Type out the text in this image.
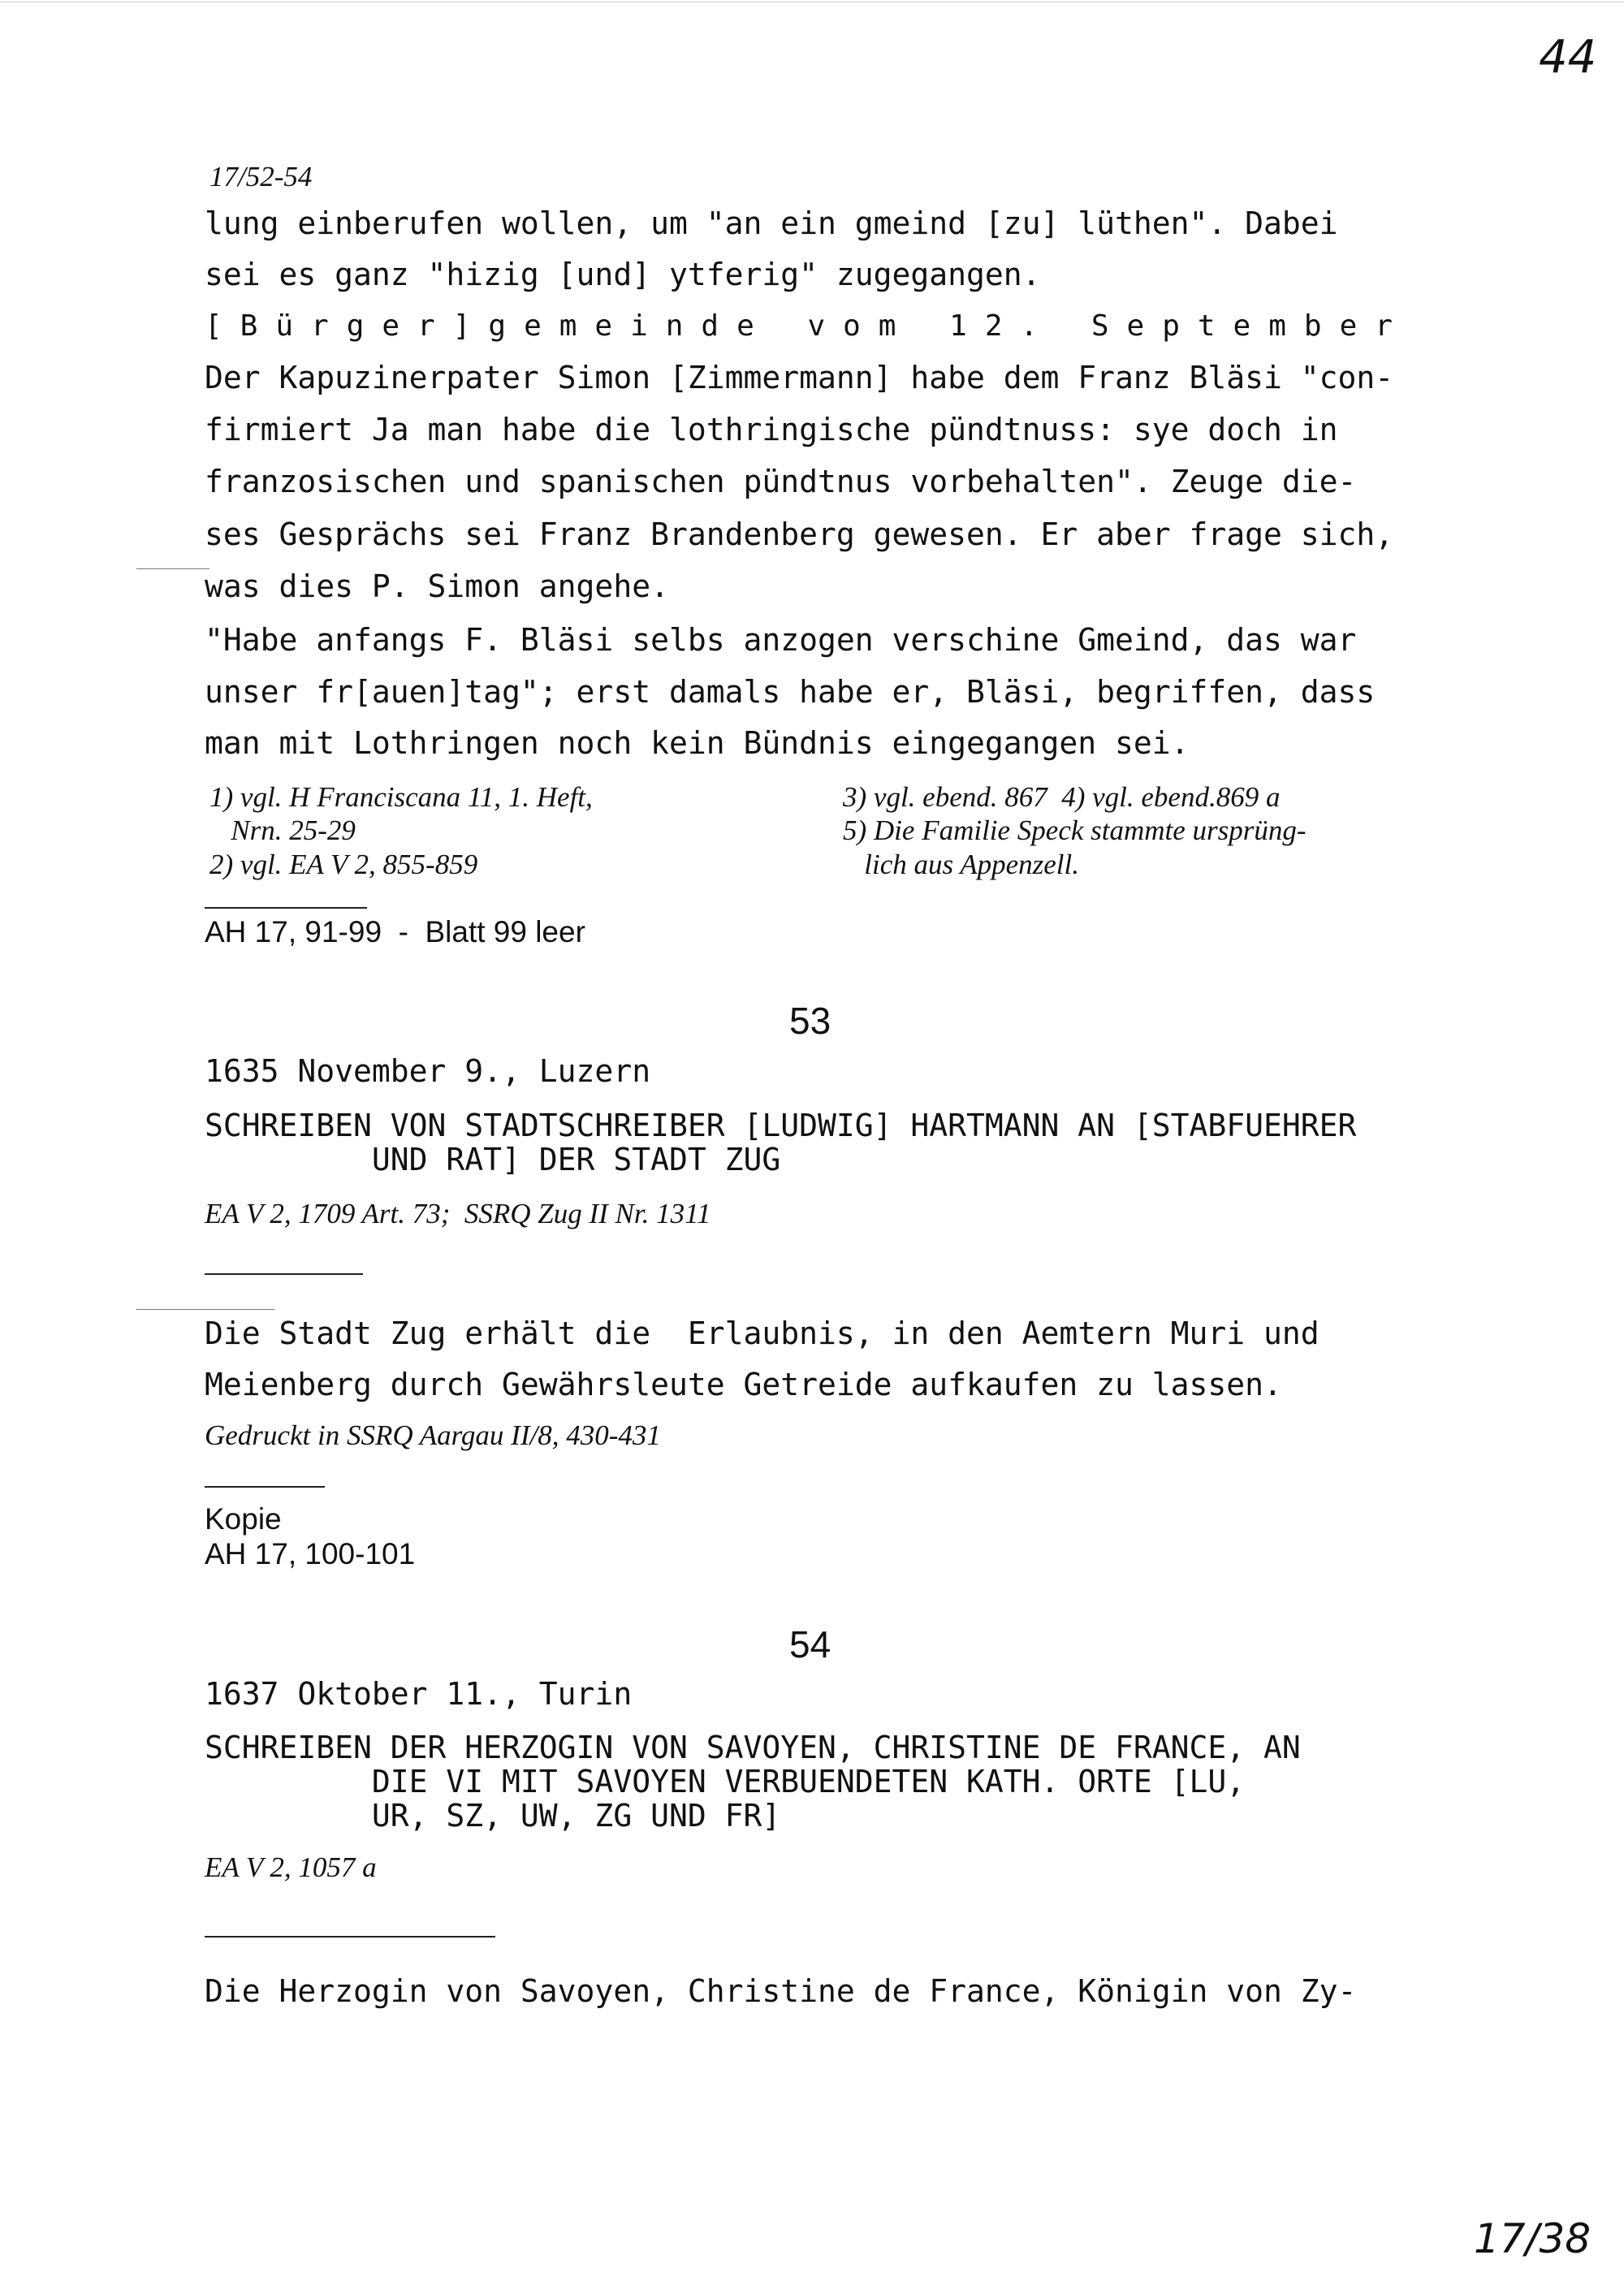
44
17/52-54
lung einberufen wollen, um "an ein gmeind [zu] lüthen". Dabei
sei es ganz "hizig [und] ytferig" zugegangen.
[Bürger]gemeinde vom 12. September
Der Kapuzinerpater Simon [Zimmermann] habe dem Franz Bläsi "con-
firmiert Ja man habe die lothringische pündtnuss: sye doch in
franzosischen und spanischen pündtnus vorbehalten". Zeuge die-
ses Gesprächs sei Franz Brandenberg gewesen. Er aber frage sich,
was dies P. Simon angehe.
"Habe anfangs F. Bläsi selbs anzogen verschine Gmeind, das war
unser fr[auen]tag"; erst damals habe er, Bläsi, begriffen, dass
man mit Lothringen noch kein Bündnis eingegangen sei.
1) vgl. H Franciscana 11, 1. Heft,
Nrn. 25-29
2) vgl. EA V 2, 855-859
3) vgl. ebend. 867  4) vgl. ebend.869 a
5) Die Familie Speck stammte ursprüng-
lich aus Appenzell.
AH 17, 91-99  -  Blatt 99 leer
53
1635 November 9., Luzern
SCHREIBEN VON STADTSCHREIBER [LUDWIG] HARTMANN AN [STABFUEHRER
UND RAT] DER STADT ZUG
EA V 2, 1709 Art. 73;  SSRQ Zug II Nr. 1311
Die Stadt Zug erhält die  Erlaubnis, in den Aemtern Muri und
Meienberg durch Gewährsleute Getreide aufkaufen zu lassen.
Gedruckt in SSRQ Aargau II/8, 430-431
Kopie
AH 17, 100-101
54
1637 Oktober 11., Turin
SCHREIBEN DER HERZOGIN VON SAVOYEN, CHRISTINE DE FRANCE, AN
DIE VI MIT SAVOYEN VERBUENDETEN KATH. ORTE [LU,
UR, SZ, UW, ZG UND FR]
EA V 2, 1057 a
Die Herzogin von Savoyen, Christine de France, Königin von Zy-
17/38
